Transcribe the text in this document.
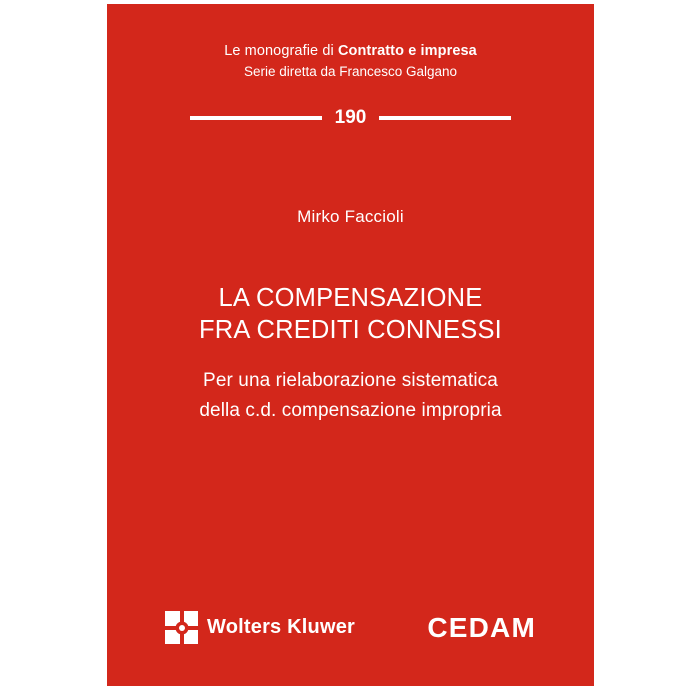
Le monografie di Contratto e impresa
Serie diretta da Francesco Galgano
190
Mirko Faccioli
LA COMPENSAZIONE
FRA CREDITI CONNESSI
Per una rielaborazione sistematica
della c.d. compensazione impropria
Wolters Kluwer	CEDAM
